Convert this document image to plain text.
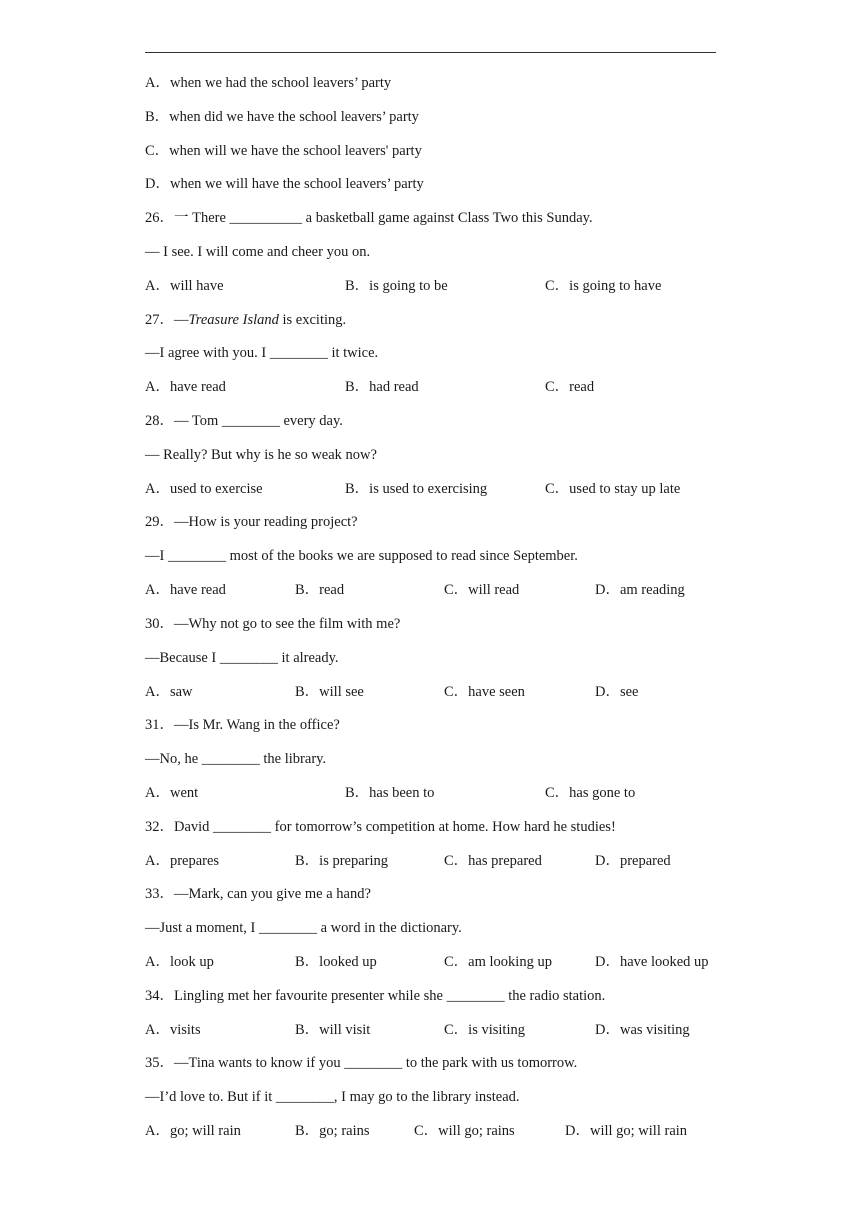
A．when we had the school leavers’ party
B．when did we have the school leavers’ party
C．when will we have the school leavers' party
D．when we will have the school leavers’ party
26．一 There __________ a basketball game against Class Two this Sunday.
— I see. I will come and cheer you on.
A．will have	B．is going to be	C．is going to have
27．—Treasure Island is exciting.
—I agree with you. I ________ it twice.
A．have read	B．had read	C．read
28．— Tom ________ every day.
— Really? But why is he so weak now?
A．used to exercise	B．is used to exercising	C．used to stay up late
29．—How is your reading project?
—I ________ most of the books we are supposed to read since September.
A．have read	B．read	C．will read	D．am reading
30．—Why not go to see the film with me?
—Because I ________ it already.
A．saw	B．will see	C．have seen	D．see
31．—Is Mr. Wang in the office?
—No, he ________ the library.
A．went	B．has been to	C．has gone to
32．David ________ for tomorrow’s competition at home. How hard he studies!
A．prepares	B．is preparing	C．has prepared	D．prepared
33．—Mark, can you give me a hand?
—Just a moment, I ________ a word in the dictionary.
A．look up	B．looked up	C．am looking up	D．have looked up
34．Lingling met her favourite presenter while she ________ the radio station.
A．visits	B．will visit	C．is visiting	D．was visiting
35．—Tina wants to know if you ________ to the park with us tomorrow.
—I’d love to. But if it ________, I may go to the library instead.
A．go; will rain	B．go; rains	C．will go; rains	D．will go; will rain
